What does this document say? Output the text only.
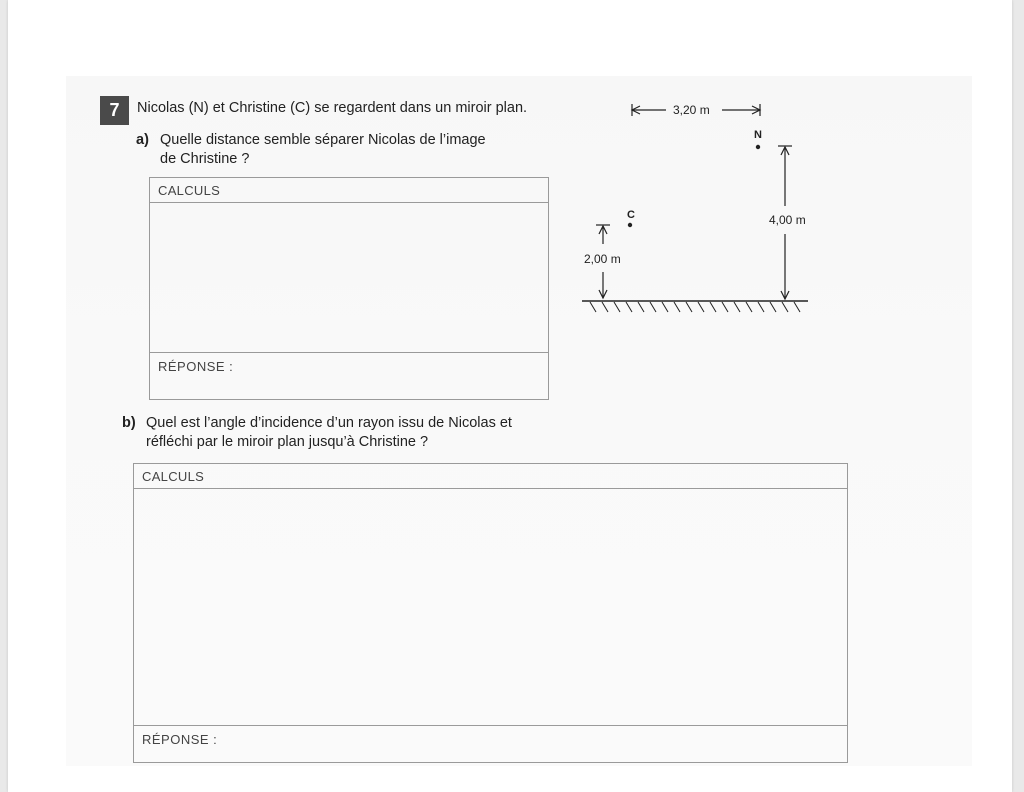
7	Nicolas (N) et Christine (C) se regardent dans un miroir plan.
a) Quelle distance semble séparer Nicolas de l’image
de Christine ?
CALCULS
RÉPONSE :
3,20 m
N
4,00 m
C
2,00 m
b) Quel est l’angle d’incidence d’un rayon issu de Nicolas et
réfléchi par le miroir plan jusqu’à Christine ?
CALCULS
RÉPONSE :
